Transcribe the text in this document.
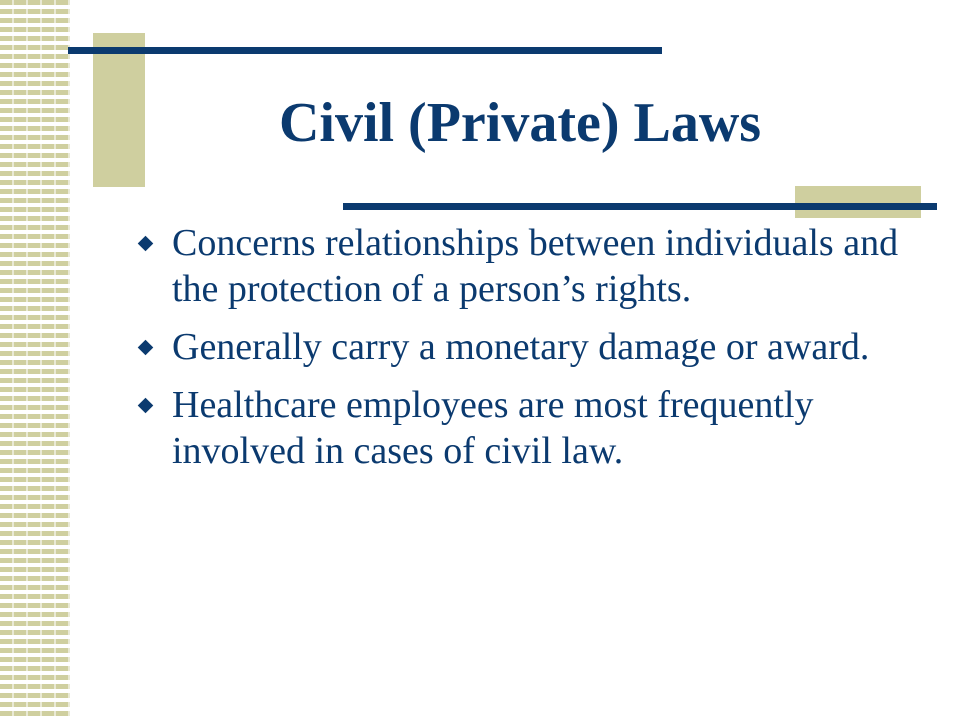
Civil (Private) Laws
Concerns relationships between individuals and the protection of a person’s rights.
Generally carry a monetary damage or award.
Healthcare employees are most frequently involved in cases of civil law.
